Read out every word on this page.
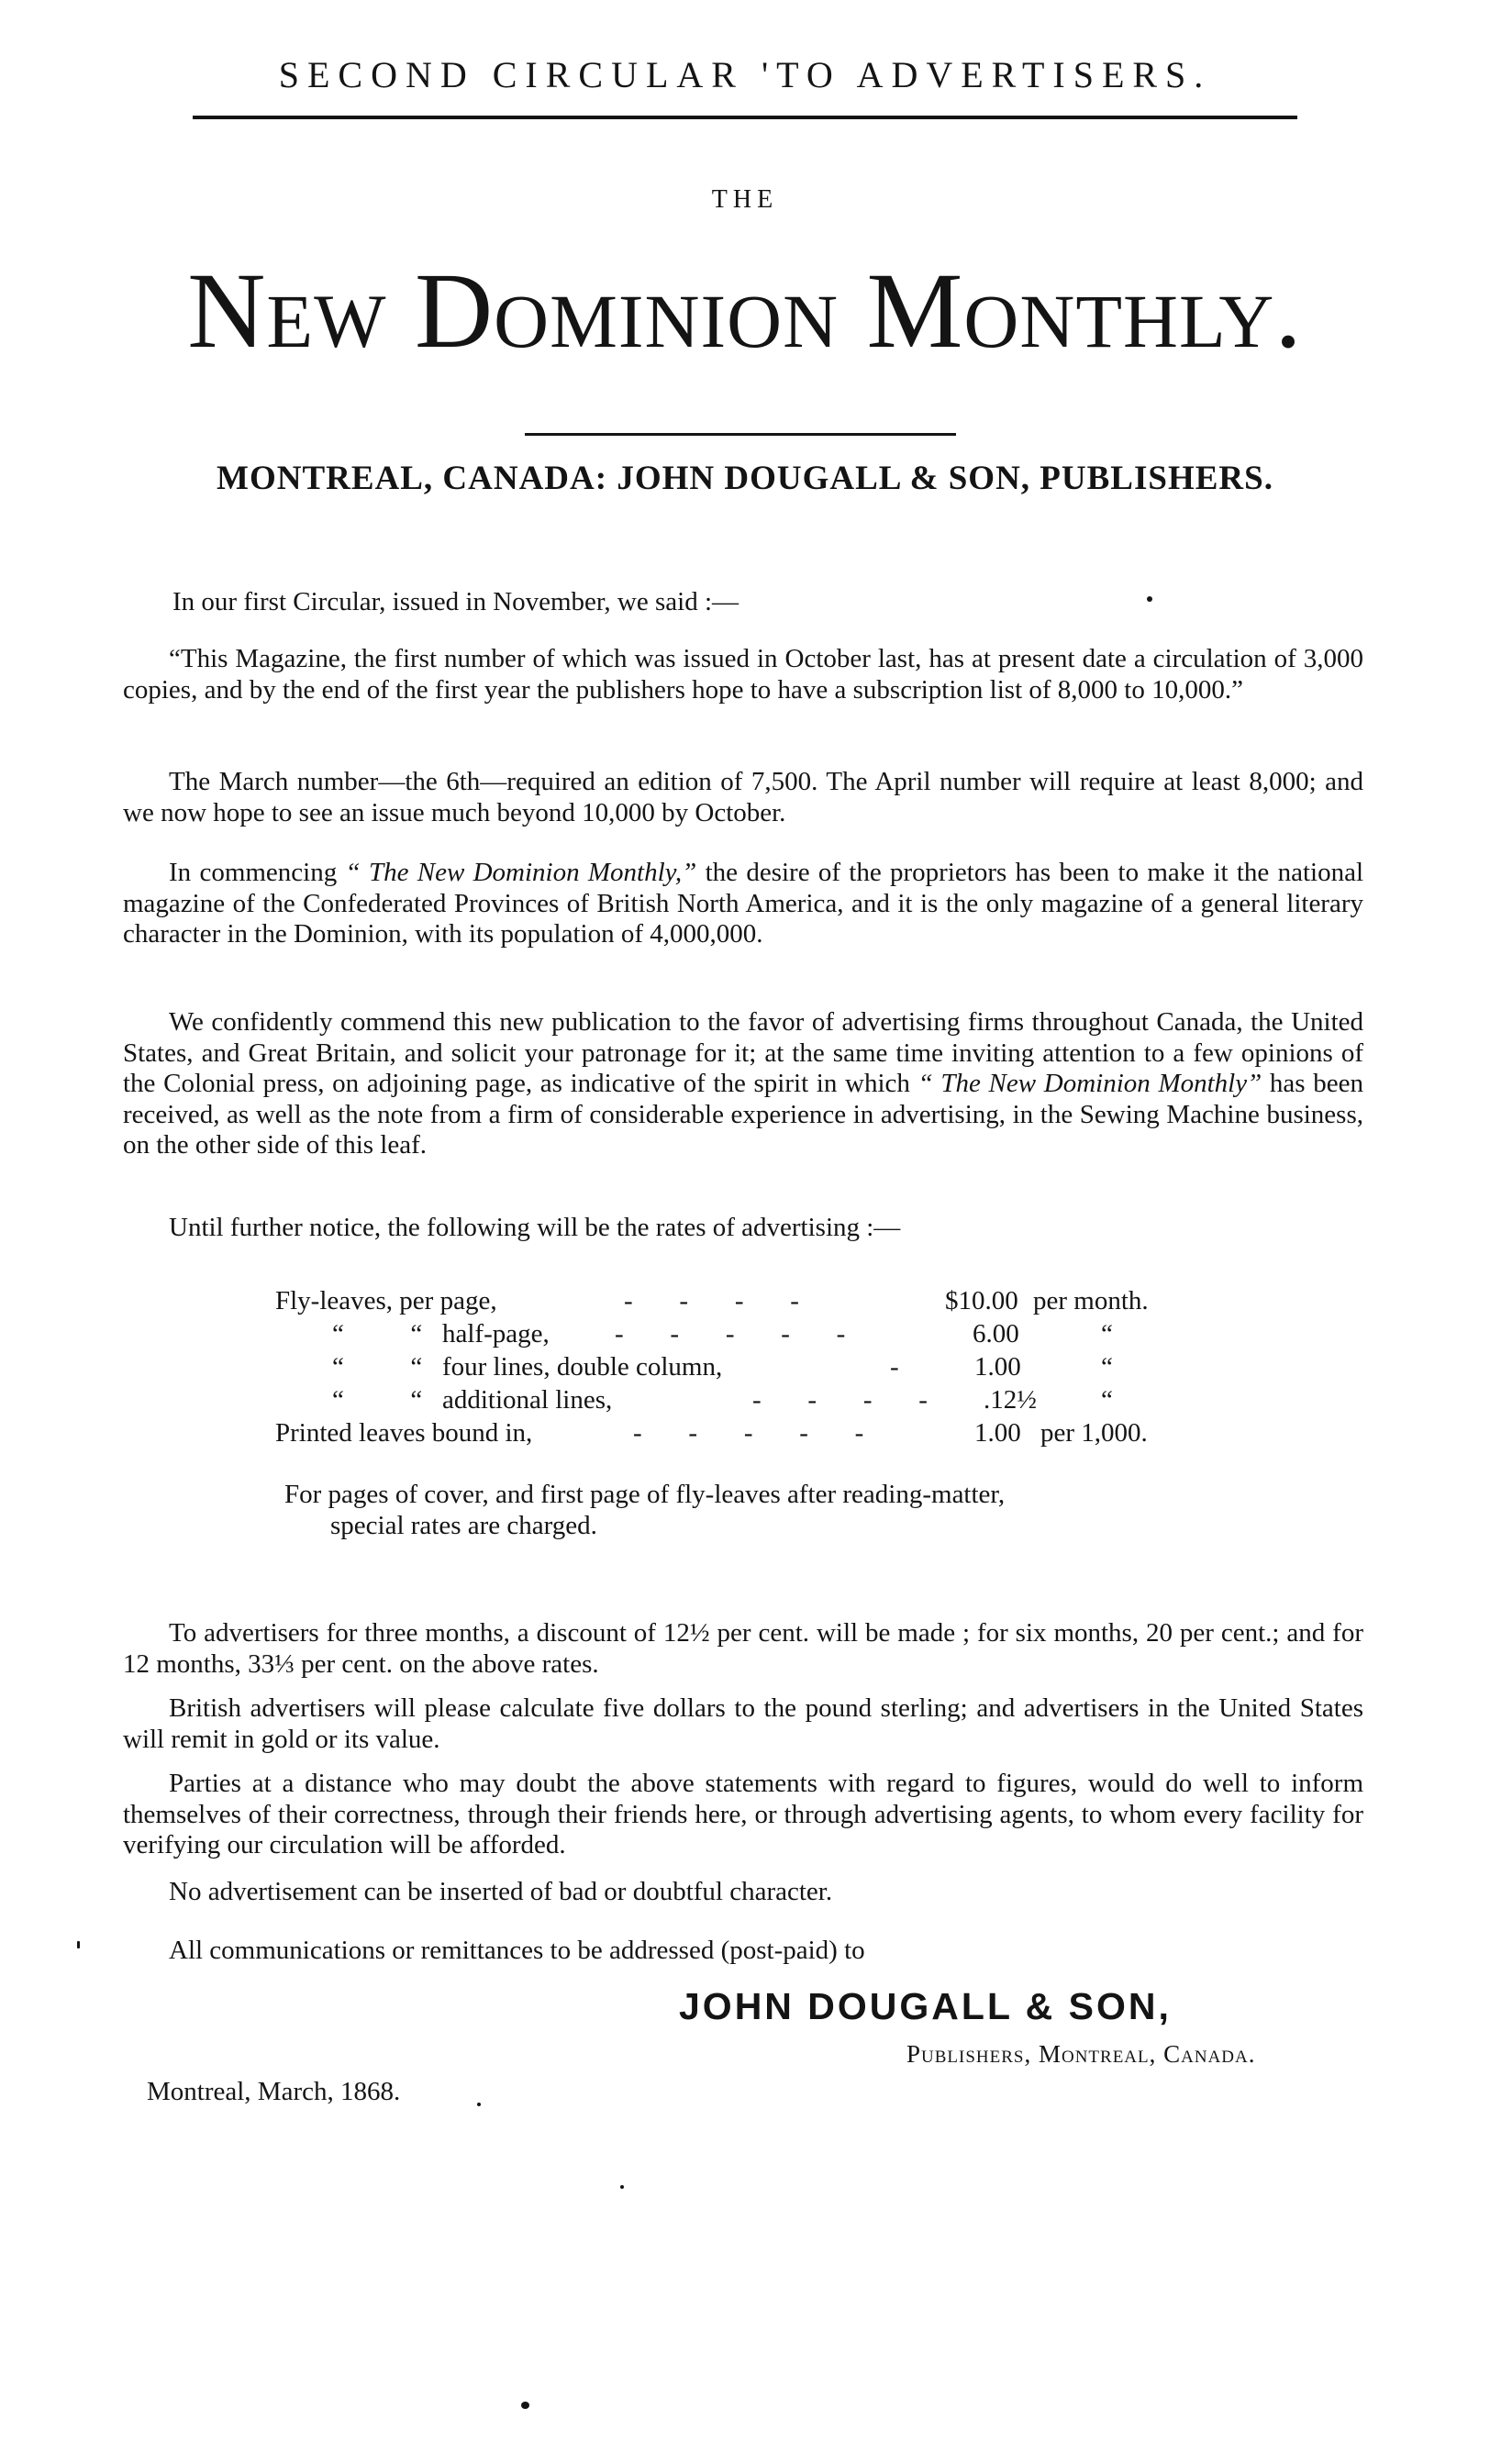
SECOND CIRCULAR 'TO ADVERTISERS.
THE
New Dominion Monthly.
MONTREAL, CANADA: JOHN DOUGALL & SON, PUBLISHERS.

In our first Circular, issued in November, we said :—

“This Magazine, the first number of which was issued in October last, has at present date a circulation of 3,000 copies, and by the end of the first year the publishers hope to have a subscription list of 8,000 to 10,000.”

The March number—the 6th—required an edition of 7,500. The April number will require at least 8,000; and we now hope to see an issue much beyond 10,000 by October.

In commencing “ The New Dominion Monthly,” the desire of the proprietors has been to make it the national magazine of the Confederated Provinces of British North America, and it is the only magazine of a general literary character in the Dominion, with its population of 4,000,000.

We confidently commend this new publication to the favor of advertising firms throughout Canada, the United States, and Great Britain, and solicit your patronage for it; at the same time inviting attention to a few opinions of the Colonial press, on adjoining page, as indicative of the spirit in which “ The New Dominion Monthly” has been received, as well as the note from a firm of considerable experience in advertising, in the Sewing Machine business, on the other side of this leaf.

Until further notice, the following will be the rates of advertising :—

Fly-leaves, per page,	-       -       -       -	$10.00 per month.
“          “   half-page, -       -       -       -       -	6.00	“
“          “   four lines, double column,	-	1.00	“
“          “   additional lines,	-       -       -       - .12½ “
Printed leaves bound in,	-       -       -       -       -	1.00 per 1,000.
For pages of cover, and first page of fly-leaves after reading-matter,
special rates are charged.

To advertisers for three months, a discount of 12½ per cent. will be made ; for six months, 20 per cent.; and for 12 months, 33⅓ per cent. on the above rates.

British advertisers will please calculate five dollars to the pound sterling; and advertisers in the United States will remit in gold or its value.

Parties at a distance who may doubt the above statements with regard to figures, would do well to inform themselves of their correctness, through their friends here, or through advertising agents, to whom every facility for verifying our circulation will be afforded.

No advertisement can be inserted of bad or doubtful character.

All communications or remittances to be addressed (post-paid) to

JOHN DOUGALL & SON,
Publishers, Montreal, Canada.
Montreal, March, 1868.
